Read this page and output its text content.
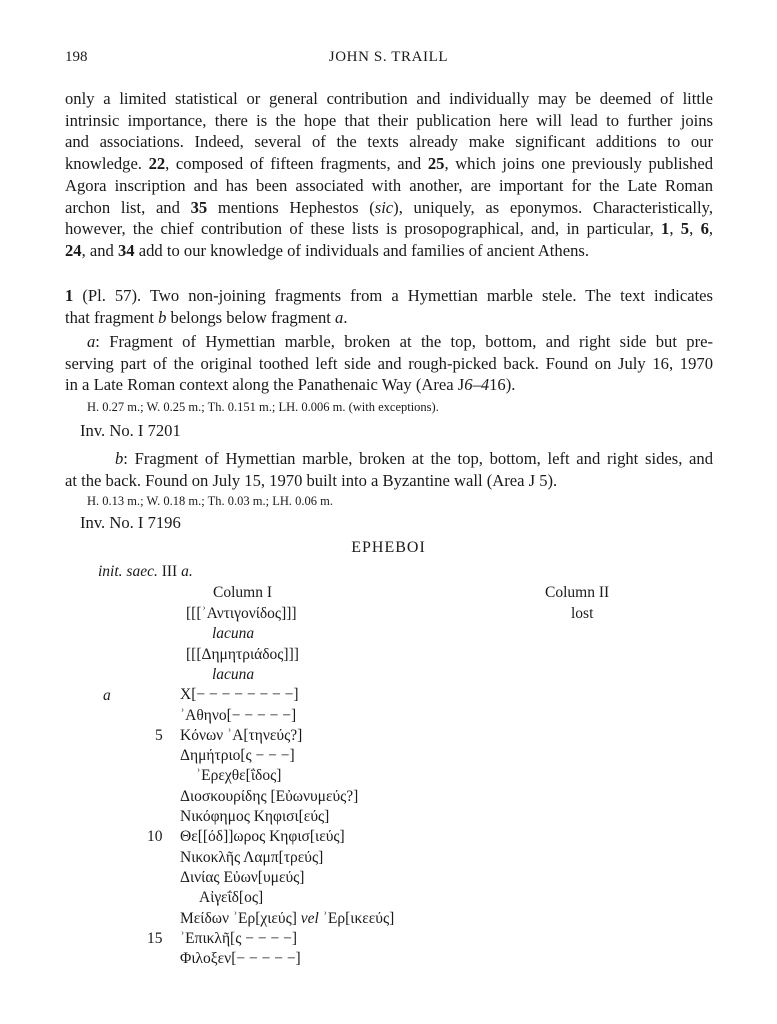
198	JOHN S. TRAILL
only a limited statistical or general contribution and individually may be deemed of little
intrinsic importance, there is the hope that their publication here will lead to further joins
and associations. Indeed, several of the texts already make significant additions to our
knowledge. 22, composed of fifteen fragments, and 25, which joins one previously published
Agora inscription and has been associated with another, are important for the Late Roman
archon list, and 35 mentions Hephestos (sic), uniquely, as eponymos. Characteristically,
however, the chief contribution of these lists is prosopographical, and, in particular, 1, 5, 6,
24, and 34 add to our knowledge of individuals and families of ancient Athens.
1 (Pl. 57). Two non-joining fragments from a Hymettian marble stele. The text indicates
that fragment b belongs below fragment a.
a: Fragment of Hymettian marble, broken at the top, bottom, and right side but pre-
serving part of the original toothed left side and rough-picked back. Found on July 16, 1970
in a Late Roman context along the Panathenaic Way (Area J6–416).
H. 0.27 m.; W. 0.25 m.; Th. 0.151 m.; LH. 0.006 m. (with exceptions).
Inv. No. I 7201
b: Fragment of Hymettian marble, broken at the top, bottom, left and right sides, and
at the back. Found on July 15, 1970 built into a Byzantine wall (Area J 5).
H. 0.13 m.; W. 0.18 m.; Th. 0.03 m.; LH. 0.06 m.
Inv. No. I 7196
EPHEBOI
init. saec. III a.
Column I	Column II
lost
a
[[[ʾΑντιγονίδος]]]
lacuna
[[[Δημητριάδος]]]
lacuna
Χ[− − − − − − − −]
ʾΑθηνο[− − − − −]
5 Κόνων ʾΑ[τηνεύς?]
Δημήτριο[ς − − −]
ʾΕρεχθε[ΐδος]
Διοσκουρίδης [Εὐωνυμεύς?]
Νικόφημος Κηφισι[εύς]
10 Θε[[όδ]]ωρος Κηφισ[ιεύς]
Νικοκλῆς Λαμπ[τρεύς]
Δινίας Εὐων[υμεύς]
Αἰγεΐδ[ος]
Μείδων ʾΕρ[χιεύς] vel ʾΕρ[ικεεύς]
15 ʾΕπικλῆ[ς − − − −]
Φιλοξεν[− − − − −]
